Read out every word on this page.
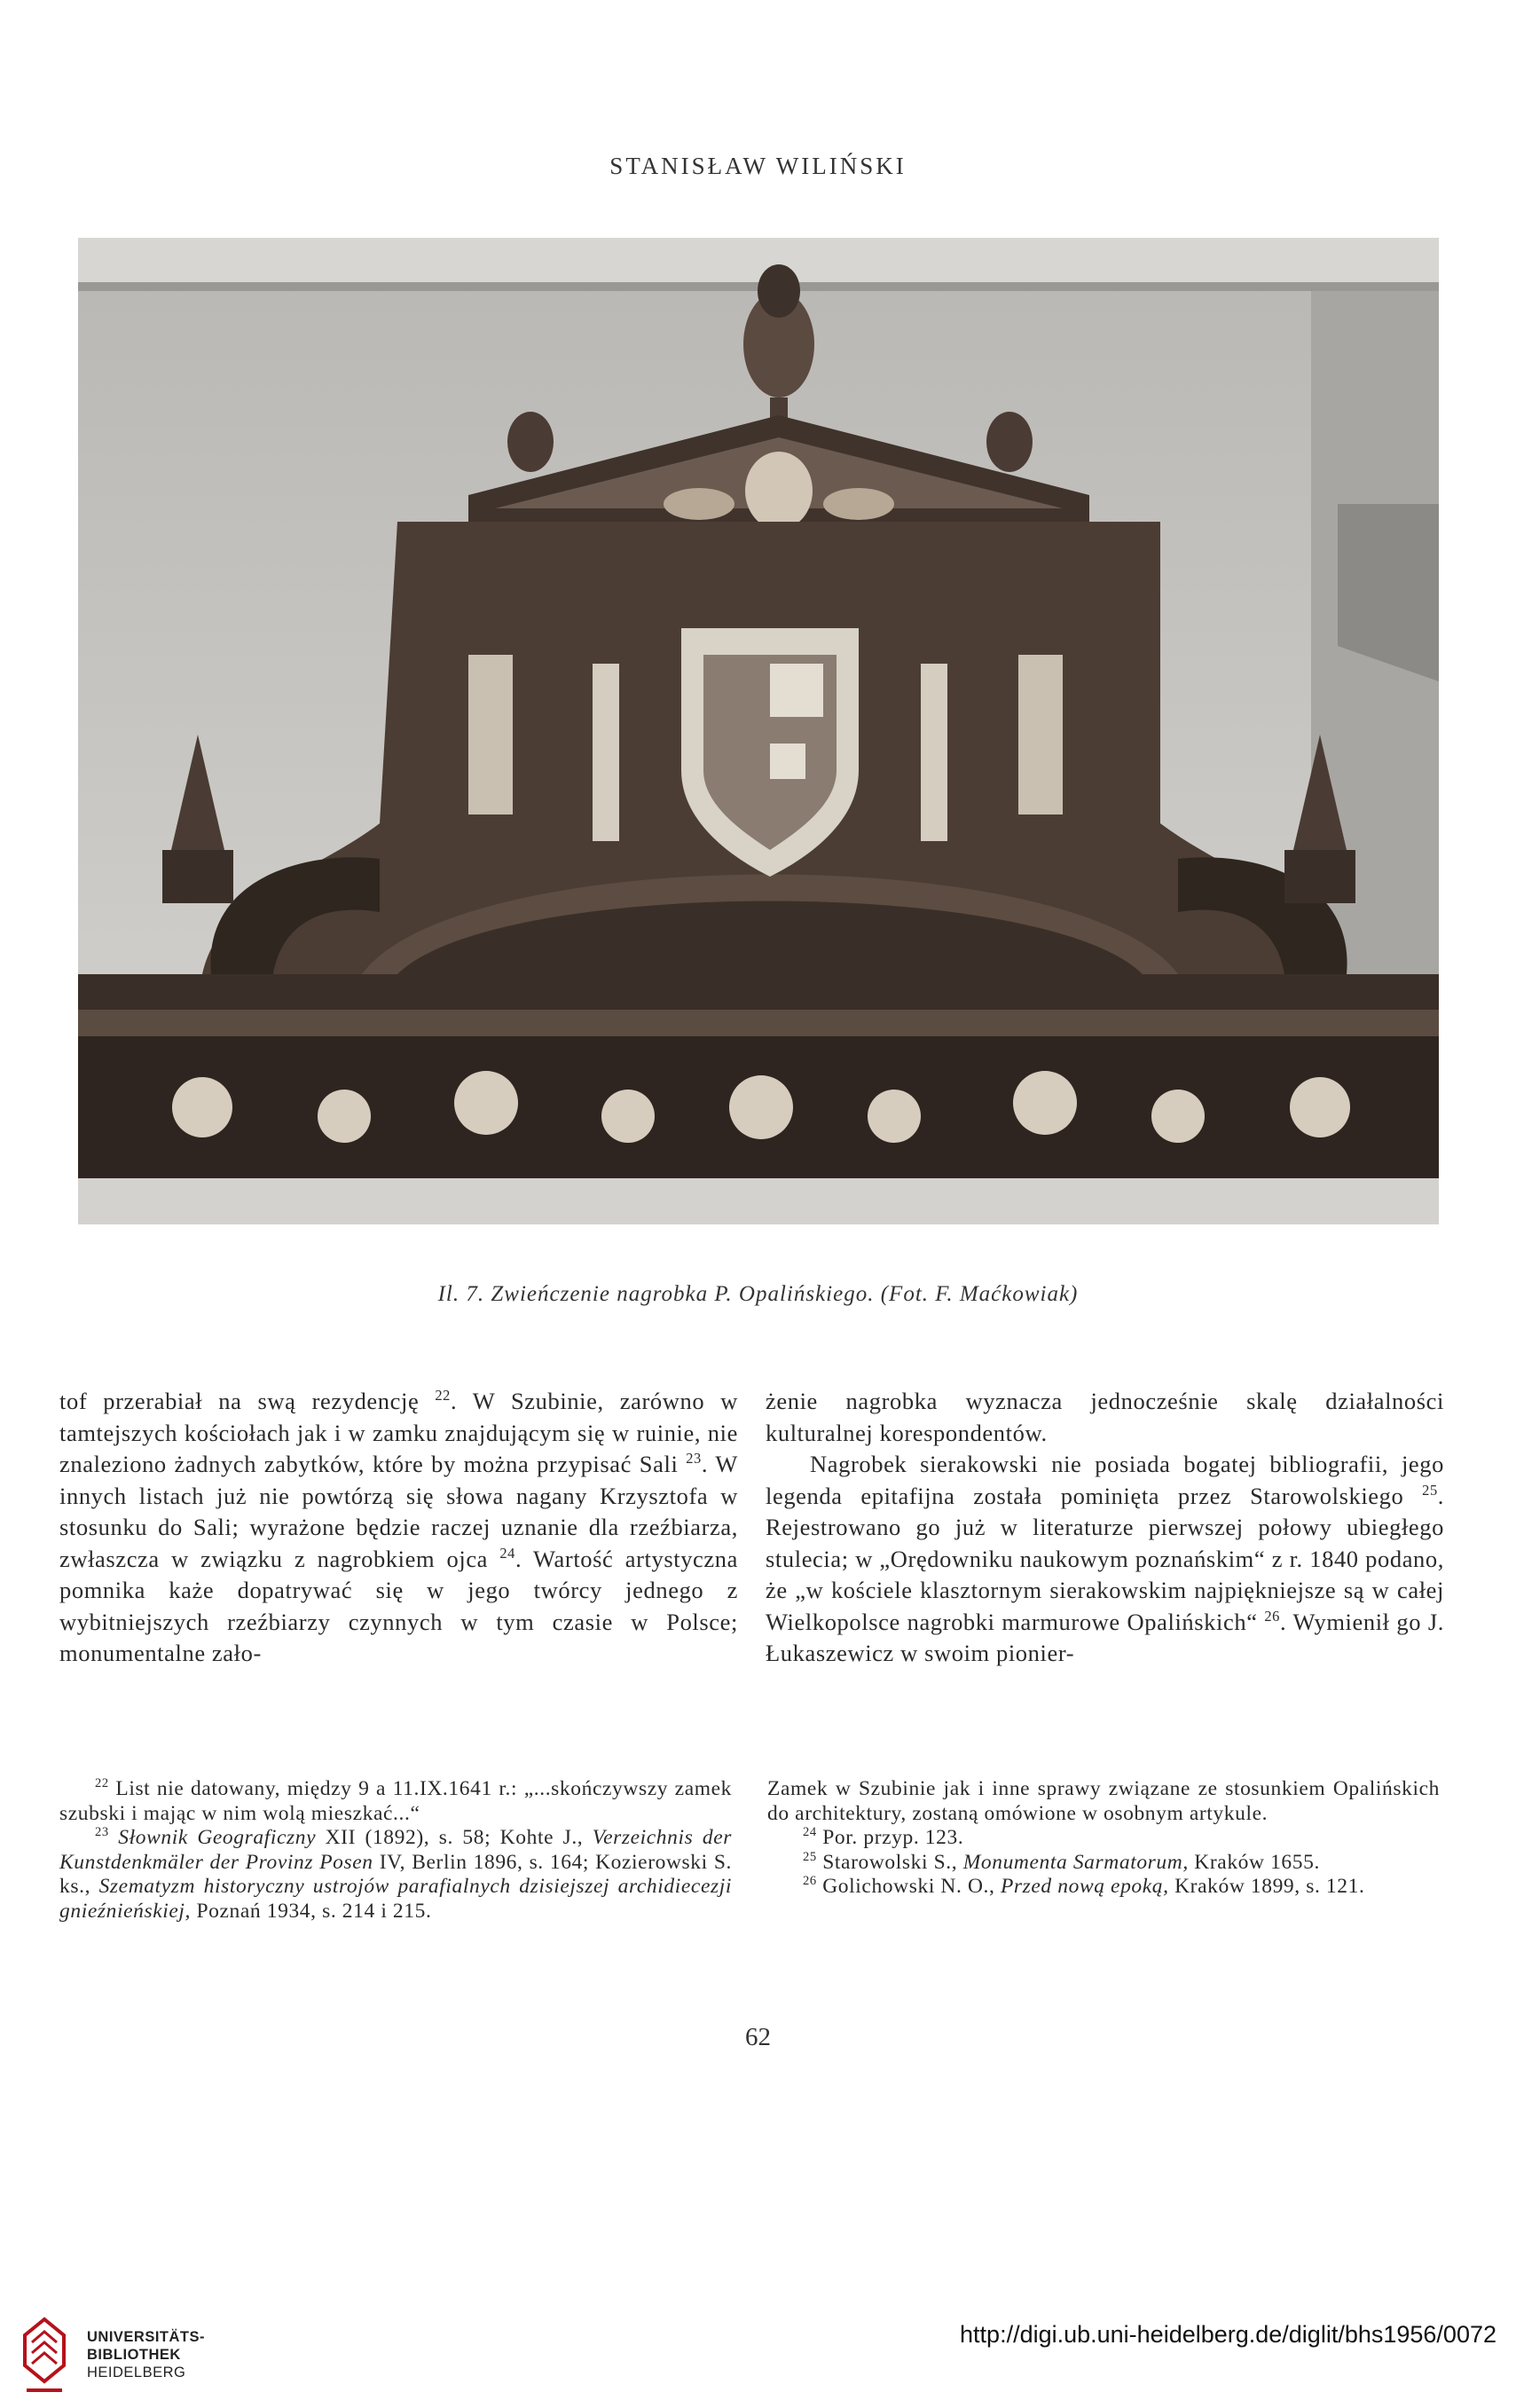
STANISŁAW WILIŃSKI
Il. 7. Zwieńczenie nagrobka P. Opalińskiego. (Fot. F. Maćkowiak)

tof przerabiał na swą rezydencję $^{22}$. W Szubinie, zarówno w tamtejszych kościołach jak i w zamku znajdującym się w ruinie, nie znaleziono żadnych zabytków, które by można przypisać Sali $^{23}$. W innych listach już nie powtórzą się słowa nagany Krzysztofa w stosunku do Sali; wyrażone będzie raczej uznanie dla rzeźbiarza, zwłaszcza w związku z nagrobkiem ojca $^{24}$. Wartość artystyczna pomnika każe dopatrywać się w jego twórcy jednego z wybitniejszych rzeźbiarzy czynnych w tym czasie w Polsce; monumentalne zało-

żenie nagrobka wyznacza jednocześnie skalę działalności kulturalnej korespondentów.

Nagrobek sierakowski nie posiada bogatej bibliografii, jego legenda epitafijna została pominięta przez Starowolskiego $^{25}$. Rejestrowano go już w literaturze pierwszej połowy ubiegłego stulecia; w „Orędowniku naukowym poznańskim“ z r. 1840 podano, że „w kościele klasztornym sierakowskim najpiękniejsze są w całej Wielkopolsce nagrobki marmurowe Opalińskich“ $^{26}$. Wymienił go J. Łukaszewicz w swoim pionier-

$^{22}$ List nie datowany, między 9 a 11.IX.1641 r.: „...skończywszy zamek szubski i mając w nim wolą mieszkać...“

$^{23}$ Słownik Geograficzny XII (1892), s. 58; Kohte J., Verzeichnis der Kunstdenkmäler der Provinz Posen IV, Berlin 1896, s. 164; Kozierowski S. ks., Szematyzm historyczny ustrojów parafialnych dzisiejszej archidiecezji gnieźnieńskiej, Poznań 1934, s. 214 i 215.

Zamek w Szubinie jak i inne sprawy związane ze stosunkiem Opalińskich do architektury, zostaną omówione w osobnym artykule.

$^{24}$ Por. przyp. 123.

$^{25}$ Starowolski S., Monumenta Sarmatorum, Kraków 1655.

$^{26}$ Golichowski N. O., Przed nową epoką, Kraków 1899, s. 121.

62
UNIVERSITÄTS-
BIBLIOTHEK
HEIDELBERG
http://digi.ub.uni-heidelberg.de/diglit/bhs1956/0072
